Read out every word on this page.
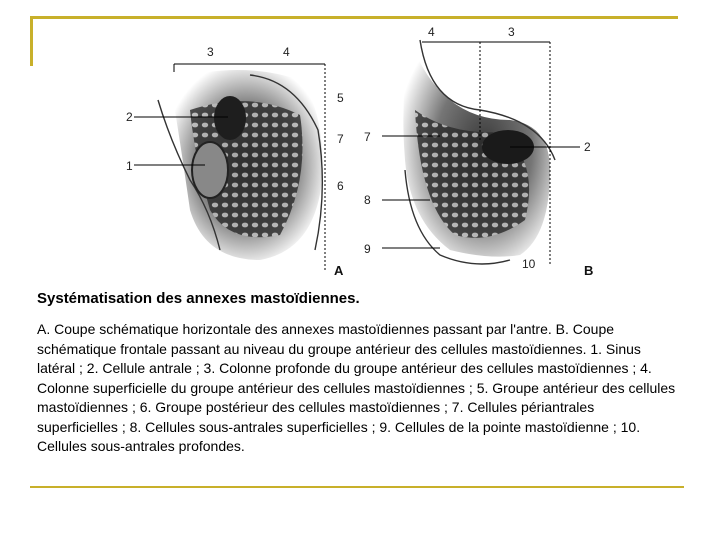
3	4
2
1
5
7
6
A
4	3
2
7
8
9
10	B

Systématisation des annexes mastoïdiennes.

A. Coupe schématique horizontale des annexes mastoïdiennes passant par l'antre. B. Coupe schématique frontale passant au niveau du groupe antérieur des cellules mastoïdiennes. 1. Sinus latéral ; 2. Cellule antrale ; 3. Colonne profonde du groupe antérieur des cellules mastoïdiennes ; 4. Colonne superficielle du groupe antérieur des cellules mastoïdiennes ; 5. Groupe antérieur des cellules mastoïdiennes ; 6. Groupe postérieur des cellules mastoïdiennes ; 7. Cellules périantrales superficielles ; 8. Cellules sous-antrales superficielles ; 9. Cellules de la pointe mastoïdienne ; 10. Cellules sous-antrales profondes.
